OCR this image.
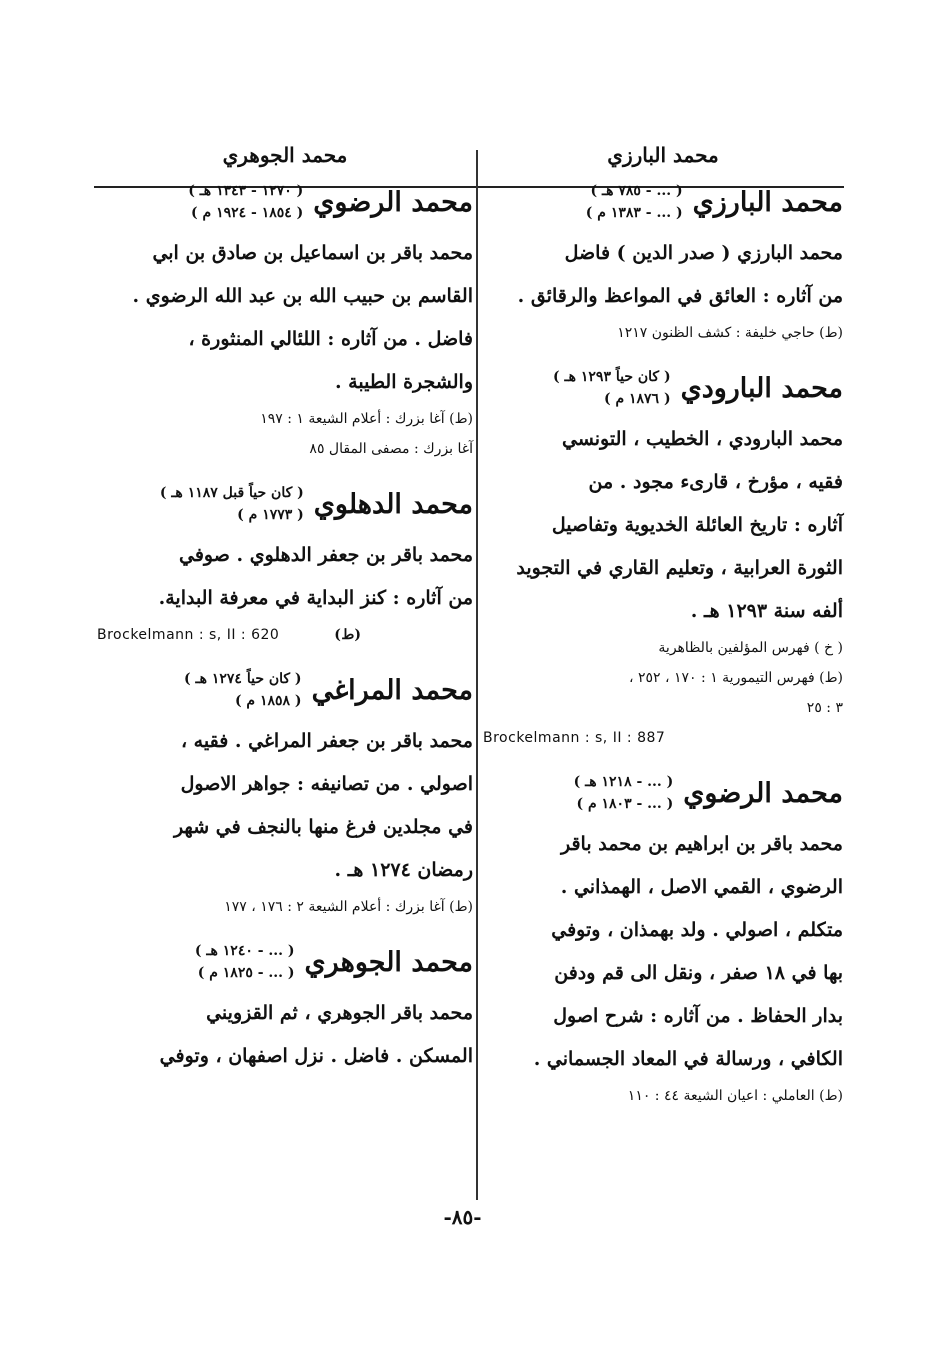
محمد البارزي
محمد البارزي
( ... - ٧٨٥ هـ )
( ... - ١٣٨٣ م )
محمد البارزي ( صدر الدين ) فاضل
من آثاره : العائق في المواعظ والرقائق .
(ط) حاجي خليفة : كشف الظنون ١٢١٧
محمد البارودي
( كان حياً ١٢٩٣ هـ )
( ١٨٧٦ م )
محمد البارودي ، الخطيب ، التونسي
فقيه ، مؤرخ ، قارىء مجود . من
آثاره : تاريخ العائلة الخديوية وتفاصيل
الثورة العرابية ، وتعليم القاري في التجويد
ألفه سنة ١٢٩٣ هـ .
( خ ) فهرس المؤلفين بالظاهرية
(ط) فهرس التيمورية ١ : ١٧٠ ، ٢٥٢ ،
٣ : ٢٥
Brockelmann : s, II : 887
محمد الرضوي
( ... - ١٢١٨ هـ )
( ... - ١٨٠٣ م )
محمد باقر بن ابراهيم بن محمد باقر
الرضوي ، القمي الاصل ، الهمذاني .
متكلم ، اصولي . ولد بهمذان ، وتوفي
بها في ١٨ صفر ، ونقل الى قم ودفن
بدار الحفاظ . من آثاره : شرح اصول
الكافي ، ورسالة في المعاد الجسماني .
(ط) العاملي : اعيان الشيعة ٤٤ : ١١٠
محمد الجوهري
محمد الرضوي
( ١٢٧٠ - ١٣٤٣ هـ )
( ١٨٥٤ - ١٩٢٤ م )
محمد باقر بن اسماعيل بن صادق بن ابي
القاسم بن حبيب الله بن عبد الله الرضوي .
فاضل . من آثاره : اللئالي المنثورة ،
والشجرة الطيبة .
(ط) آغا بزرك : أعلام الشيعة ١ : ١٩٧
آغا بزرك : مصفى المقال ٨٥
محمد الدهلوي
( كان حياً قبل ١١٨٧ هـ )
( ١٧٧٣ م )
محمد باقر بن جعفر الدهلوي . صوفي
من آثاره : كنز البداية في معرفة البداية.
Brockelmann : s, II : 620	(ط)
محمد المراغي
( كان حياً ١٢٧٤ هـ )
( ١٨٥٨ م )
محمد باقر بن جعفر المراغي . فقيه ،
اصولي . من تصانيفه : جواهر الاصول
في مجلدين فرغ منها بالنجف في شهر
رمضان ١٢٧٤ هـ .
(ط) آغا بزرك : أعلام الشيعة ٢ : ١٧٦ ، ١٧٧
محمد الجوهري
( ... - ١٢٤٠ هـ )
( ... - ١٨٢٥ م )
محمد باقر الجوهري ، ثم القزويني
المسكن . فاضل . نزل اصفهان ، وتوفي
-٨٥-
